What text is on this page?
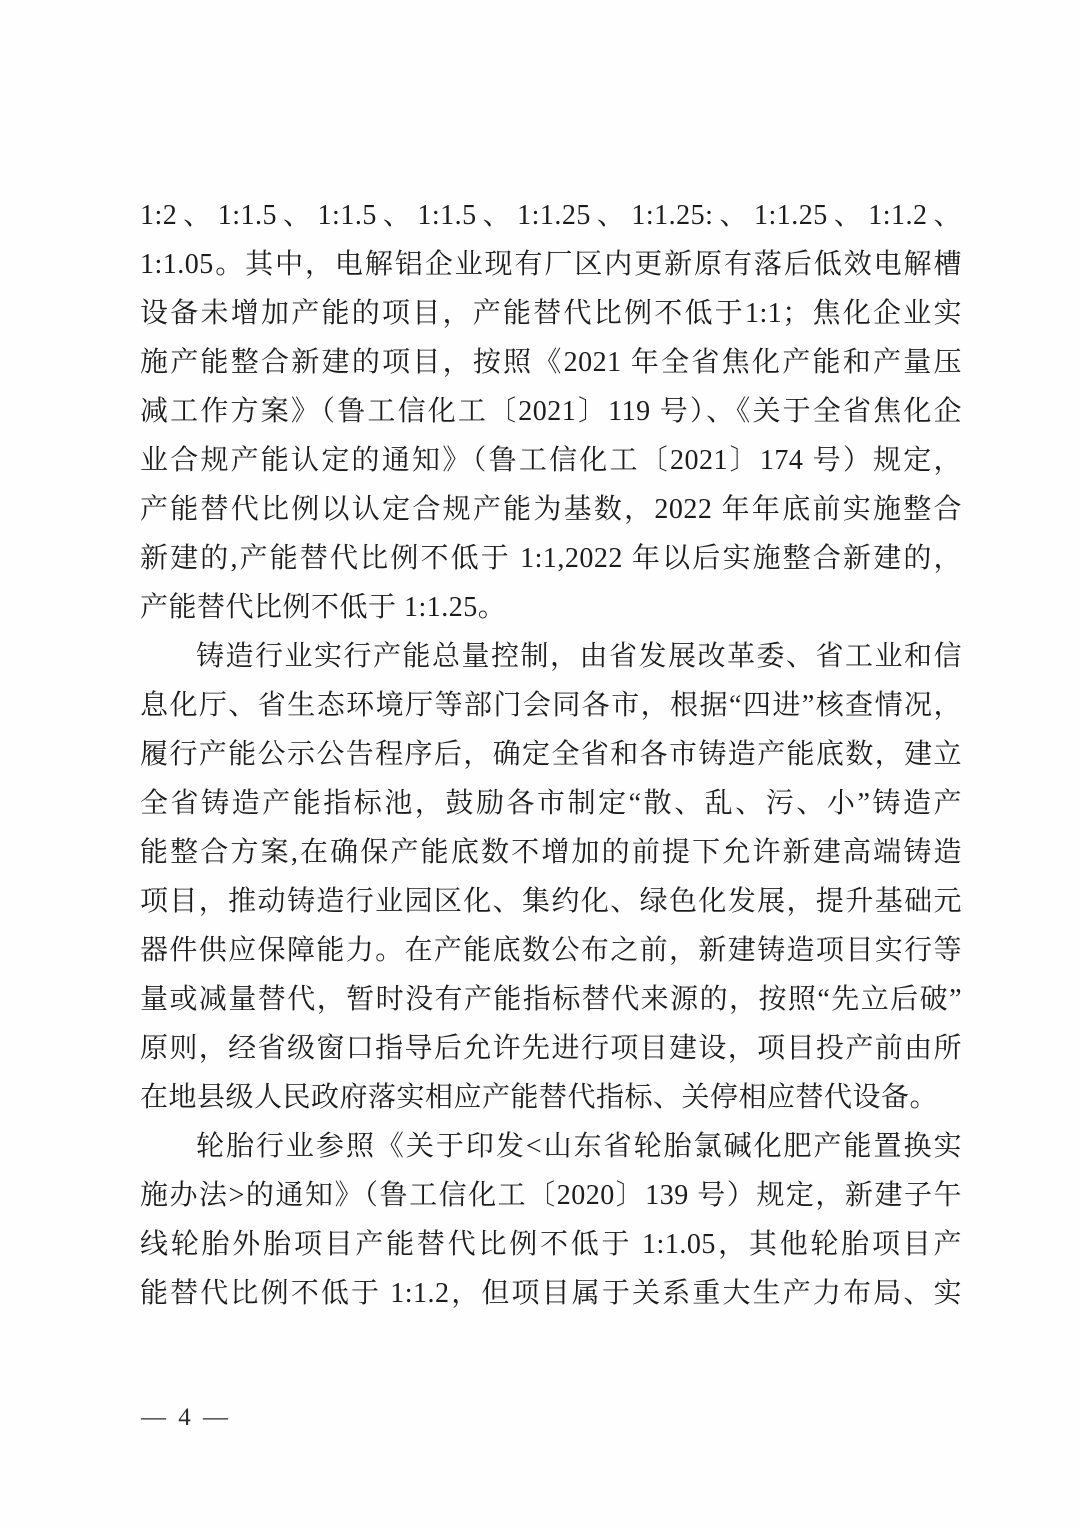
1:2、1:1.5、1:1.5、1:1.5、1:1.25、1:1.25:、1:1.25、1:1.2、
1:1.05。其中，电解铝企业现有厂区内更新原有落后低效电解槽
设备未增加产能的项目，产能替代比例不低于1:1；焦化企业实
施产能整合新建的项目，按照《2021 年全省焦化产能和产量压
减工作方案》（鲁工信化工〔2021〕119 号）、《关于全省焦化企
业合规产能认定的通知》（鲁工信化工〔2021〕174 号）规定，
产能替代比例以认定合规产能为基数，2022 年年底前实施整合
新建的,产能替代比例不低于 1:1,2022 年以后实施整合新建的，
产能替代比例不低于 1:1.25。
铸造行业实行产能总量控制，由省发展改革委、省工业和信
息化厅、省生态环境厅等部门会同各市，根据“四进”核查情况，
履行产能公示公告程序后，确定全省和各市铸造产能底数，建立
全省铸造产能指标池，鼓励各市制定“散、乱、污、小”铸造产
能整合方案,在确保产能底数不增加的前提下允许新建高端铸造
项目，推动铸造行业园区化、集约化、绿色化发展，提升基础元
器件供应保障能力。在产能底数公布之前，新建铸造项目实行等
量或减量替代，暂时没有产能指标替代来源的，按照“先立后破”
原则，经省级窗口指导后允许先进行项目建设，项目投产前由所
在地县级人民政府落实相应产能替代指标、关停相应替代设备。
轮胎行业参照《关于印发<山东省轮胎氯碱化肥产能置换实
施办法>的通知》（鲁工信化工〔2020〕139 号）规定，新建子午
线轮胎外胎项目产能替代比例不低于 1:1.05，其他轮胎项目产
能替代比例不低于 1:1.2，但项目属于关系重大生产力布局、实
— 4 —
